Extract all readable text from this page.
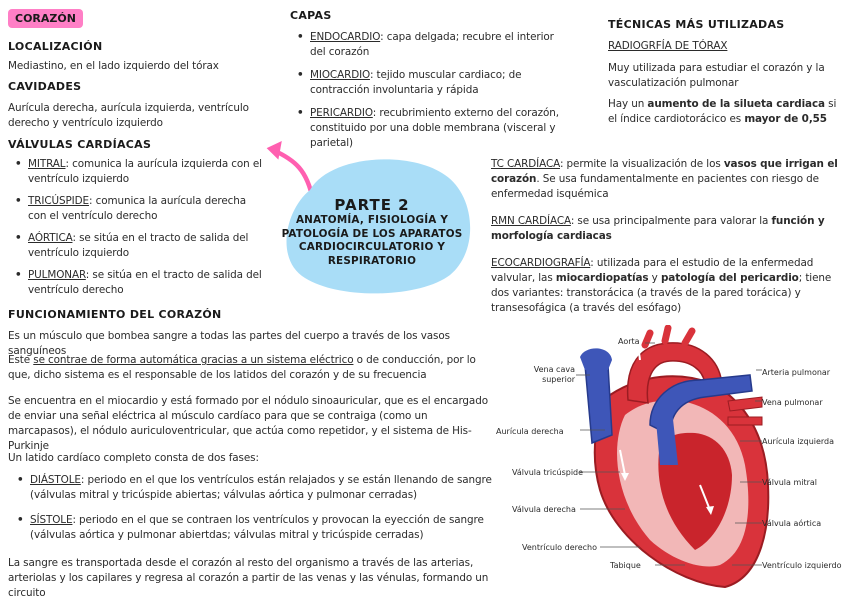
CORAZÓN
LOCALIZACIÓN
Mediastino, en el lado izquierdo del tórax
CAVIDADES
Aurícula derecha, aurícula izquierda, ventrículo derecho y ventrículo izquierdo
VÁLVULAS CARDÍACAS
• MITRAL: comunica la aurícula izquierda con el ventrículo izquierdo
• TRICÚSPIDE: comunica la aurícula derecha con el ventrículo derecho
• AÓRTICA: se sitúa en el tracto de salida del ventrículo izquierdo
• PULMONAR: se sitúa en el tracto de salida del ventrículo derecho
CAPAS
• ENDOCARDIO: capa delgada; recubre el interior del corazón
• MIOCARDIO: tejido muscular cardiaco; de contracción involuntaria y rápida
• PERICARDIO: recubrimiento externo del corazón, constituido por una doble membrana (visceral y parietal)
PARTE 2
ANATOMÍA, FISIOLOGÍA Y
PATOLOGÍA DE LOS APARATOS
CARDIOCIRCULATORIO Y
RESPIRATORIO
TÉCNICAS MÁS UTILIZADAS
RADIOGRFÍA DE TÓRAX
Muy utilizada para estudiar el corazón y la vasculatización pulmonar
Hay un aumento de la silueta cardiaca si el índice cardiotorácico es mayor de 0,55
TC CARDÍACA: permite la visualización de los vasos que irrigan el corazón. Se usa fundamentalmente en pacientes con riesgo de enfermedad isquémica
RMN CARDÍACA: se usa principalmente para valorar la función y morfología cardiacas
ECOCARDIOGRAFÍA: utilizada para el estudio de la enfermedad valvular, las miocardiopatías y patología del pericardio; tiene dos variantes: transtorácica (a través de la pared torácica) y transesofágica (a través del esófago)
FUNCIONAMIENTO DEL CORAZÓN
Es un músculo que bombea sangre a todas las partes del cuerpo a través de los vasos sanguíneos
Este se contrae de forma automática gracias a un sistema eléctrico o de conducción, por lo que, dicho sistema es el responsable de los latidos del corazón y de su frecuencia
Se encuentra en el miocardio y está formado por el nódulo sinoauricular, que es el encargado de enviar una señal eléctrica al músculo cardíaco para que se contraiga (como un marcapasos), el nódulo auriculoventricular, que actúa como repetidor, y el sistema de His-Purkinje
Un latido cardíaco completo consta de dos fases:
• DIÁSTOLE: periodo en el que los ventrículos están relajados y se están llenando de sangre (válvulas mitral y tricúspide abiertas; válvulas aórtica y pulmonar cerradas)
• SÍSTOLE: periodo en el que se contraen los ventrículos y provocan la eyección de sangre (válvulas aórtica y pulmonar abiertdas; válvulas mitral y tricúspide cerradas)
La sangre es transportada desde el corazón al resto del organismo a través de las arterias, arteriolas y los capilares y regresa al corazón a partir de las venas y las vénulas, formando un circuito
Aorta
Vena cava superior
Arteria pulmonar
Vena pulmonar
Aurícula derecha
Aurícula izquierda
Válvula tricúspide
Válvula mitral
Válvula derecha
Válvula aórtica
Ventrículo derecho
Tabique	Ventrículo izquierdo
